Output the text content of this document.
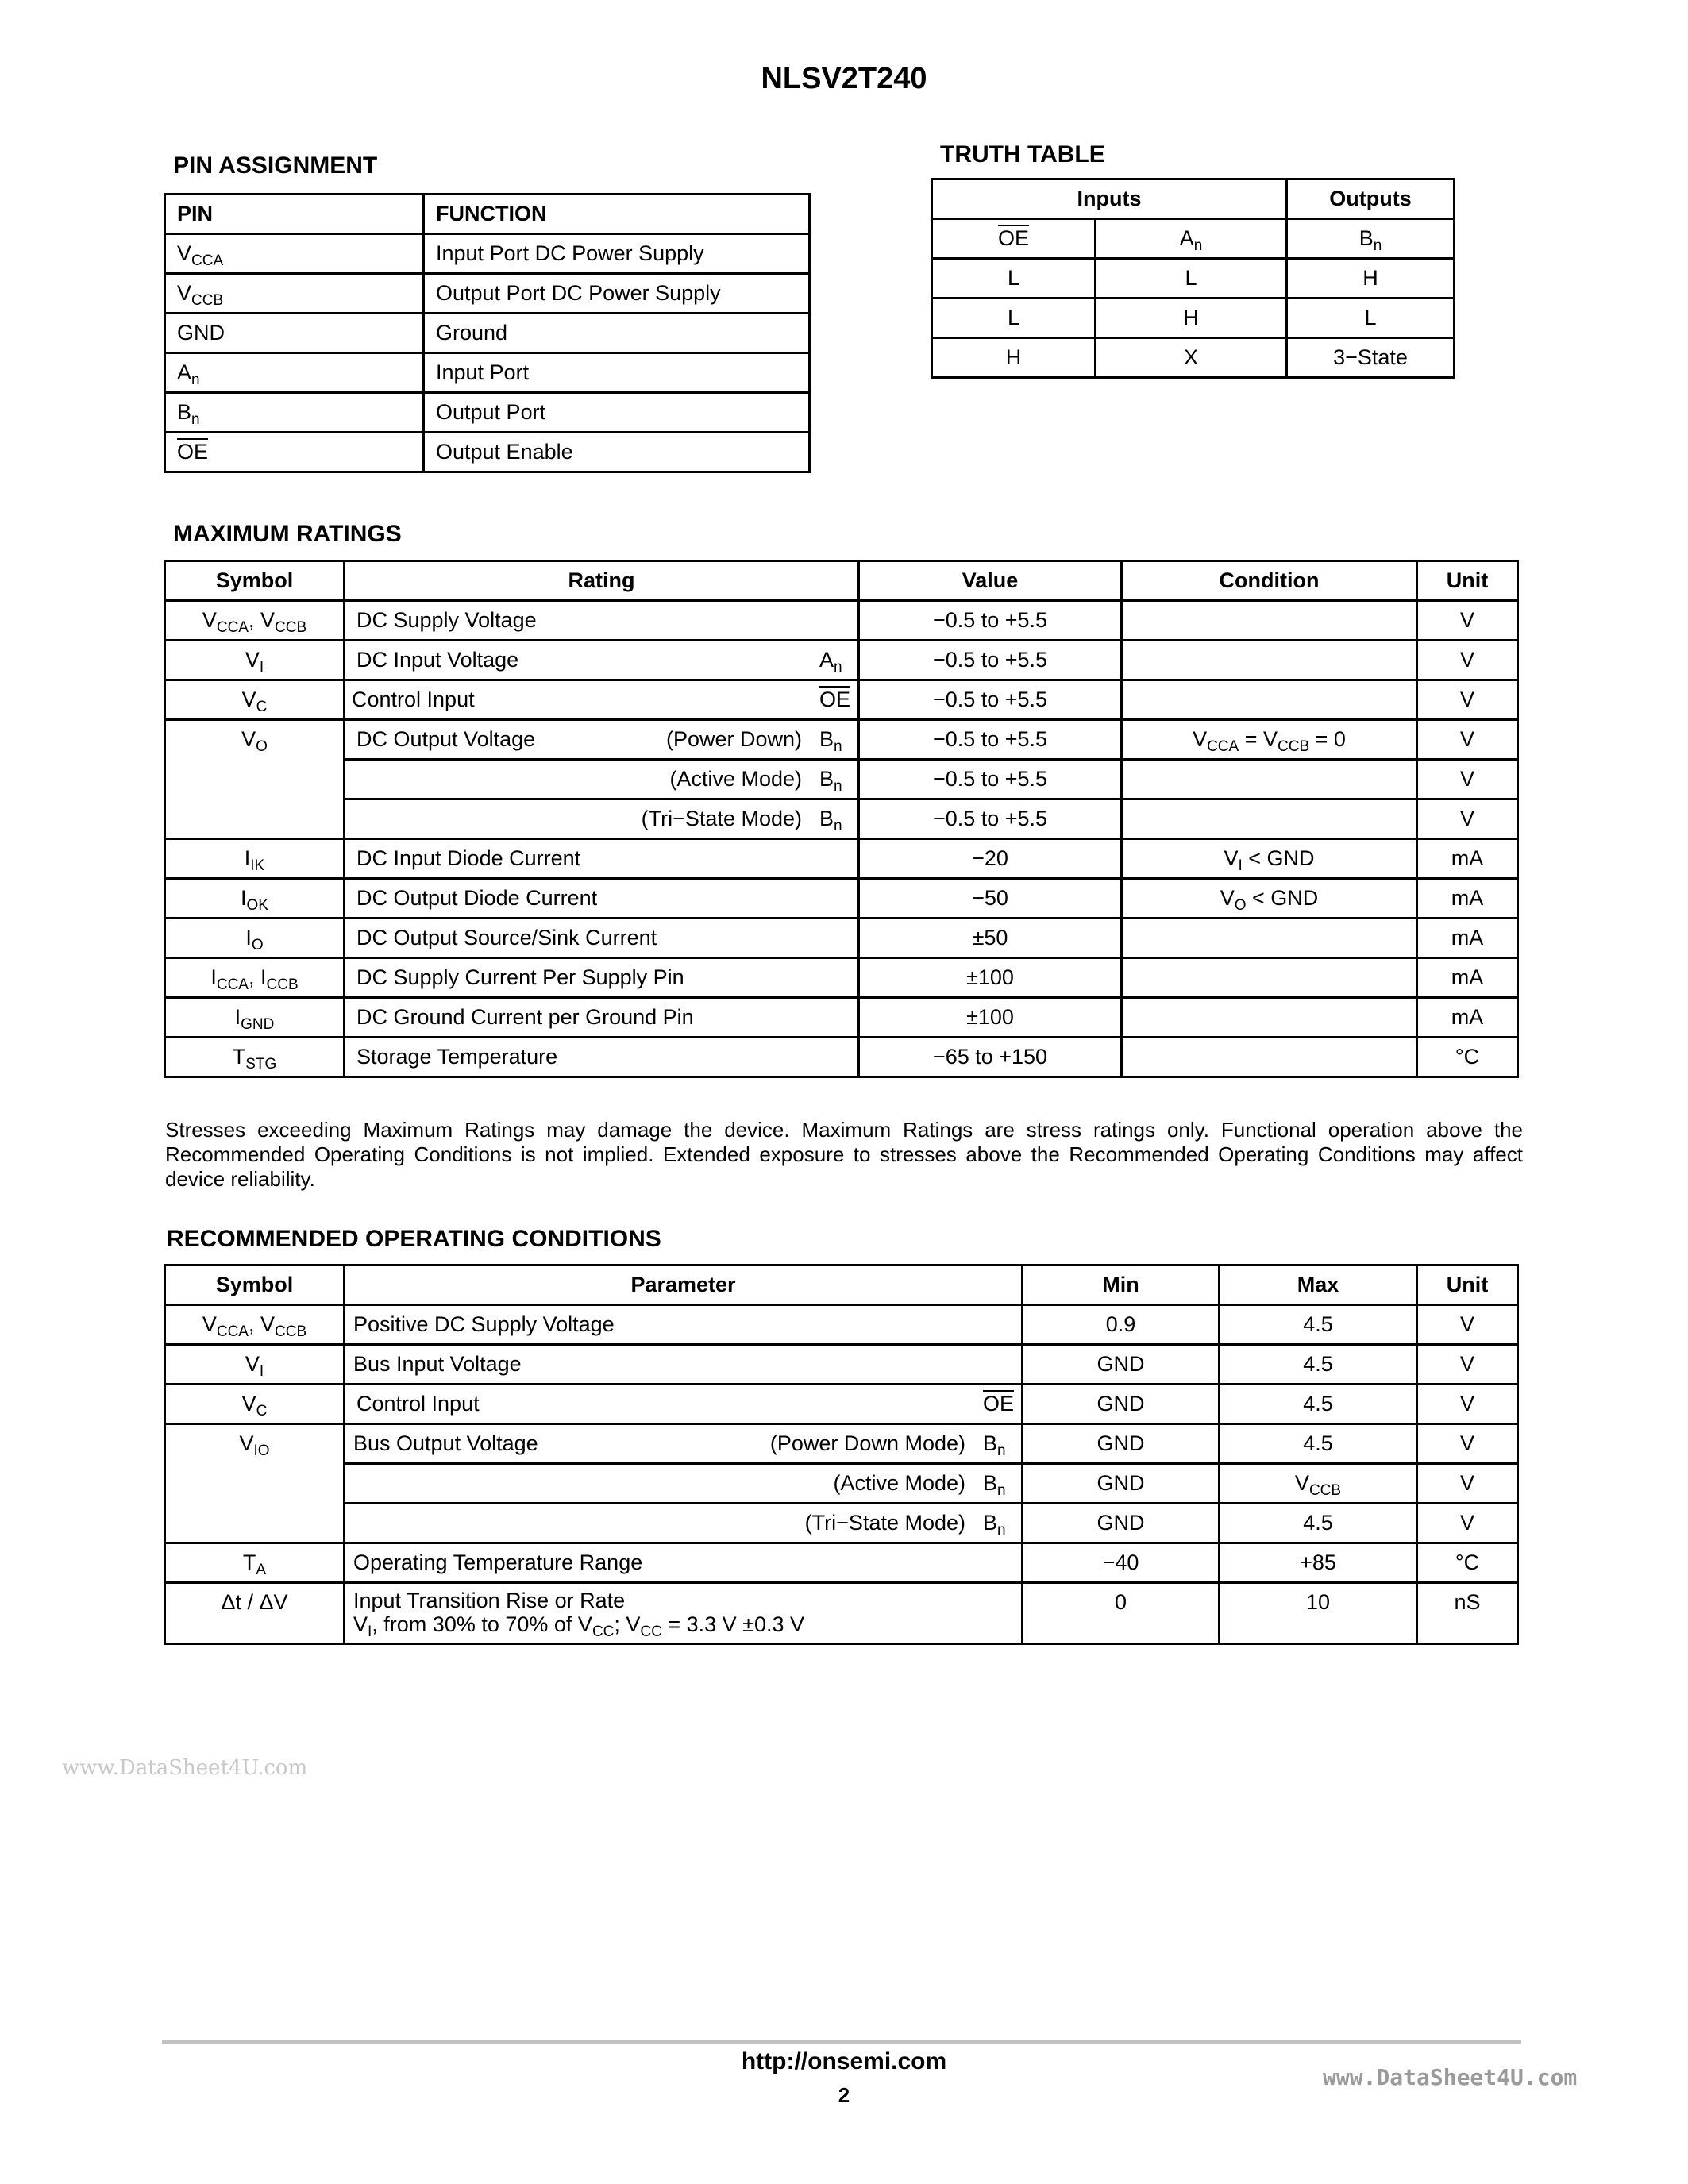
NLSV2T240
PIN ASSIGNMENT
PIN	FUNCTION
$V_{CCA}$	Input Port DC Power Supply
$V_{CCB}$	Output Port DC Power Supply
GND	Ground
$A_n$	Input Port
$B_n$	Output Port
$\overline{OE}$	Output Enable
TRUTH TABLE
Inputs		Outputs
$\overline{OE}$	$A_n$	$B_n$
L	L	H
L	H	L
H	X	3−State
MAXIMUM RATINGS
Symbol	Rating	Value	Condition	Unit
$V_{CCA}$, $V_{CCB}$	DC Supply Voltage	−0.5 to +5.5		V
$V_I$	DC Input Voltage $A_n$	−0.5 to +5.5		V
$V_C$	Control Input $\overline{OE}$	−0.5 to +5.5		V
$V_O$	DC Output Voltage (Power Down) $B_n$	−0.5 to +5.5	$V_{CCA} = V_{CCB} = 0$	V

	(Active Mode) $B_n$	−0.5 to +5.5		V

	(Tri−State Mode) $B_n$	−0.5 to +5.5		V
$I_{IK}$	DC Input Diode Current	−20	$V_I$ < GND	mA
$I_{OK}$	DC Output Diode Current	−50	$V_O$ < GND	mA
$I_O$	DC Output Source/Sink Current	±50		mA
$I_{CCA}$, $I_{CCB}$	DC Supply Current Per Supply Pin	±100		mA
$I_{GND}$	DC Ground Current per Ground Pin	±100		mA
$T_{STG}$	Storage Temperature	−65 to +150		°C
Stresses exceeding Maximum Ratings may damage the device. Maximum Ratings are stress ratings only. Functional operation above the Recommended Operating Conditions is not implied. Extended exposure to stresses above the Recommended Operating Conditions may affect device reliability.
RECOMMENDED OPERATING CONDITIONS
Symbol	Parameter	Min	Max	Unit
$V_{CCA}$, $V_{CCB}$	Positive DC Supply Voltage	0.9	4.5	V
$V_I$	Bus Input Voltage	GND	4.5	V
$V_C$	Control Input $\overline{OE}$	GND	4.5	V
$V_{IO}$	Bus Output Voltage (Power Down Mode) $B_n$	GND	4.5	V

	(Active Mode) $B_n$	GND	$V_{CCB}$	V

	(Tri−State Mode) $B_n$	GND	4.5	V
$T_A$	Operating Temperature Range	−40	+85	°C
Δt / ΔV	Input Transition Rise or Rate
$V_I$, from 30% to 70% of $V_{CC}$; $V_{CC} = 3.3$ V ±0.3 V	0	10	nS
www.DataSheet4U.com
http://onsemi.com
2
www.DataSheet4U.com
